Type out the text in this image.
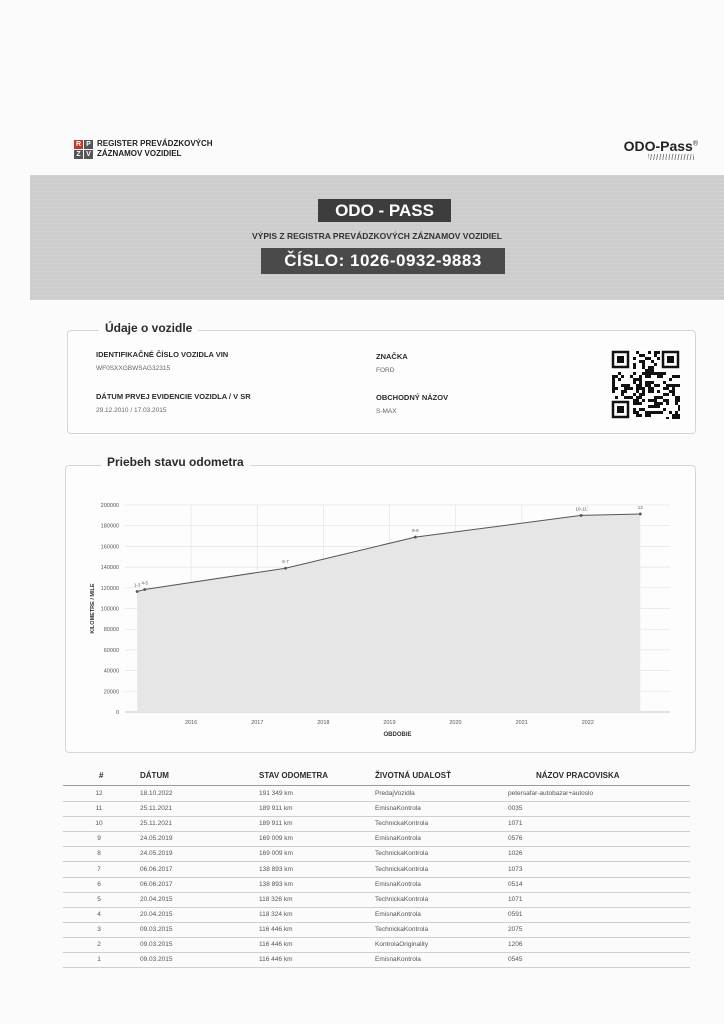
R P
Z V
REGISTER PREVÁDZKOVÝCH
ZÁZNAMOV VOZIDIEL	ODO-Pass®
ODO - PASS
VÝPIS Z REGISTRA PREVÁDZKOVÝCH ZÁZNAMOV VOZIDIEL
ČÍSLO: 1026-0932-9883
Údaje o vozidle
IDENTIFIKAČNÉ ČÍSLO VOZIDLA VIN
WF0SXXGBWSAG32315
DÁTUM PRVEJ EVIDENCIE VOZIDLA / V SR
29.12.2010 / 17.03.2015
ZNAČKA
FORD
OBCHODNÝ NÁZOV
S-MAX
Priebeh stavu odometra
1-3 4-5
6-7
8-9
10-11	12
0
20000
40000
60000
80000
100000
120000
140000
160000
180000
200000
2016	2017	2018	2019	2020	2021	2022
OBDOBIE
KILOMETRE / MILE
#	DÁTUM	STAV ODOMETRA	ŽIVOTNÁ UDALOSŤ	NÁZOV PRACOVISKA
12	18.10.2022	191 349 km	PredajVozidla	petersafar-autobazar+autoslo
11	25.11.2021	189 911 km	EmisnaKontrola	0035
10	25.11.2021	189 911 km	TechnickaKontrola	1071
9	24.05.2019	169 009 km	EmisnaKontrola	0576
8	24.05.2019	169 009 km	TechnickaKontrola	1026
7	06.06.2017	138 893 km	TechnickaKontrola	1073
6	06.06.2017	138 893 km	EmisnaKontrola	0514
5	20.04.2015	118 326 km	TechnickaKontrola	1071
4	20.04.2015	118 324 km	EmisnaKontrola	0591
3	09.03.2015	116 446 km	TechnickaKontrola	2075
2	09.03.2015	116 446 km	KontrolaOriginality	1206
1	09.03.2015	116 446 km	EmisnaKontrola	0545
